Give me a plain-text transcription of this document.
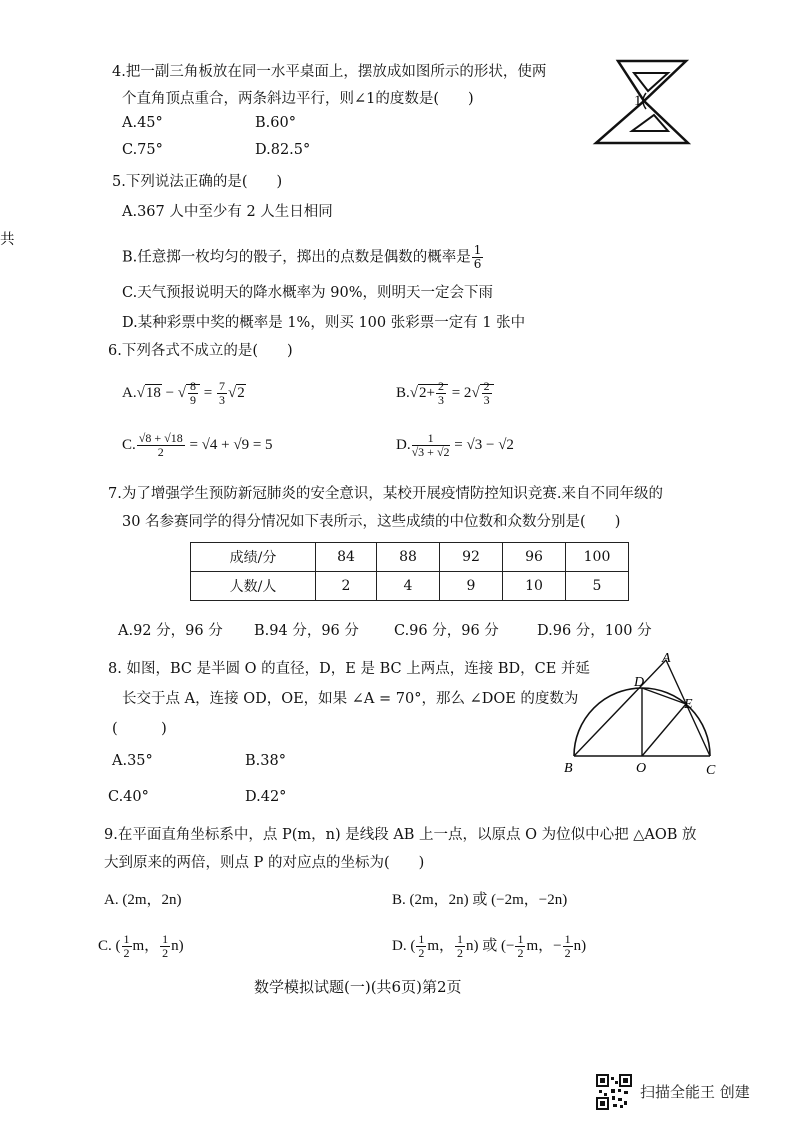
共
4.把一副三角板放在同一水平桌面上，摆放成如图所示的形状，使两
个直角顶点重合，两条斜边平行，则∠1的度数是(　　)
A.45°	B.60°
C.75°	D.82.5°
1
5.下列说法正确的是(　　)
A.367 人中至少有 2 人生日相同
B.任意掷一枚均匀的骰子，掷出的点数是偶数的概率是 $\frac{1}{6}$
C.天气预报说明天的降水概率为 90%，则明天一定会下雨
D.某种彩票中奖的概率是 1%，则买 100 张彩票一定有 1 张中
6.下列各式不成立的是(　　)
A.√18 − √ $\frac{8}{9} = \frac{7}{3} √2$	$B.√2+ \frac{2}{3} = 2√ \frac{2}{3}$
C. $\frac{√8 + √18}{2} = √4 + √9 = 5$	D. $\frac{1}{√3 + √2} = √3 - √2$
7.为了增强学生预防新冠肺炎的安全意识，某校开展疫情防控知识竞赛.来自不同年级的
30 名参赛同学的得分情况如下表所示，这些成绩的中位数和众数分别是(　　)
成绩/分	84	88	92	96	100
人数/人	2	4	9	10	5
A.92 分，96 分 B.94 分，96 分 C.96 分，96 分	D.96 分，100 分
8. 如图，BC 是半圆 O 的直径，D，E 是 BC 上两点，连接 BD，CE 并延
长交于点 A，连接 OD，OE，如果 ∠A = 70°，那么 ∠DOE 的度数为
(　　　)
A.35°	B.38°
C.40°	D.42°
A
D
E
B	O	C
9.在平面直角坐标系中，点 P(m，n) 是线段 AB 上一点，以原点 O 为位似中心把 △AOB 放
大到原来的两倍，则点 P 的对应点的坐标为(　　)
A. (2m，2n)	B. (2m，2n) 或 (−2m，−2n)
C. ( $\frac{1}{2}$ m， $\frac{1}{2} n$)	D. ( $\frac{1}{2}$ m， $\frac{1}{2} n$) 或 (− $\frac{1}{2}$ m，− $\frac{1}{2} n$)
数学模拟试题(一)(共6页)第2页
扫描全能王 创建
